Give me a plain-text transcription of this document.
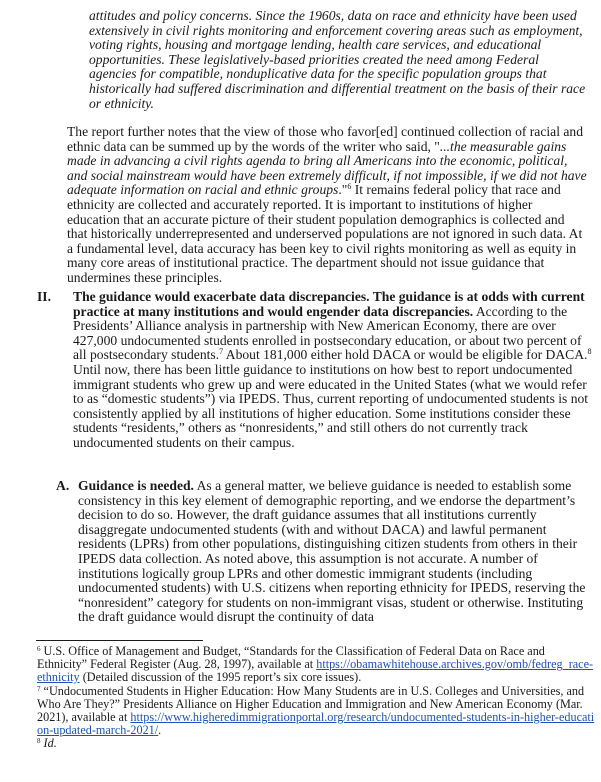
attitudes and policy concerns. Since the 1960s, data on race and ethnicity have been used extensively in civil rights monitoring and enforcement covering areas such as employment, voting rights, housing and mortgage lending, health care services, and educational opportunities. These legislatively-based priorities created the need among Federal agencies for compatible, nonduplicative data for the specific population groups that historically had suffered discrimination and differential treatment on the basis of their race or ethnicity.
The report further notes that the view of those who favor[ed] continued collection of racial and ethnic data can be summed up by the words of the writer who said, "...the measurable gains made in advancing a civil rights agenda to bring all Americans into the economic, political, and social mainstream would have been extremely difficult, if not impossible, if we did not have adequate information on racial and ethnic groups."$^6$ It remains federal policy that race and ethnicity are collected and accurately reported. It is important to institutions of higher education that an accurate picture of their student population demographics is collected and that historically underrepresented and underserved populations are not ignored in such data. At a fundamental level, data accuracy has been key to civil rights monitoring as well as equity in many core areas of institutional practice. The department should not issue guidance that undermines these principles.
II. The guidance would exacerbate data discrepancies. The guidance is at odds with current practice at many institutions and would engender data discrepancies. According to the Presidents’ Alliance analysis in partnership with New American Economy, there are over 427,000 undocumented students enrolled in postsecondary education, or about two percent of all postsecondary students.$^7$ About 181,000 either hold DACA or would be eligible for DACA.$^8$ Until now, there has been little guidance to institutions on how best to report undocumented immigrant students who grew up and were educated in the United States (what we would refer to as “domestic students”) via IPEDS. Thus, current reporting of undocumented students is not consistently applied by all institutions of higher education. Some institutions consider these students “residents,” others as “nonresidents,” and still others do not currently track undocumented students on their campus.
A. Guidance is needed. As a general matter, we believe guidance is needed to establish some consistency in this key element of demographic reporting, and we endorse the department’s decision to do so. However, the draft guidance assumes that all institutions currently disaggregate undocumented students (with and without DACA) and lawful permanent residents (LPRs) from other populations, distinguishing citizen students from others in their IPEDS data collection. As noted above, this assumption is not accurate. A number of institutions logically group LPRs and other domestic immigrant students (including undocumented students) with U.S. citizens when reporting ethnicity for IPEDS, reserving the “nonresident” category for students on non-immigrant visas, student or otherwise. Instituting the draft guidance would disrupt the continuity of data

$^6$ U.S. Office of Management and Budget, “Standards for the Classification of Federal Data on Race and Ethnicity” Federal Register (Aug. 28, 1997), available at https://obamawhitehouse.archives.gov/omb/fedreg_race-ethnicity (Detailed discussion of the 1995 report’s six core issues).

$^7$ “Undocumented Students in Higher Education: How Many Students are in U.S. Colleges and Universities, and Who Are They?” Presidents Alliance on Higher Education and Immigration and New American Economy (Mar. 2021), available at https://www.higheredimmigrationportal.org/research/undocumented-students-in-higher-education-updated-march-2021/.

$^8$ Id.
